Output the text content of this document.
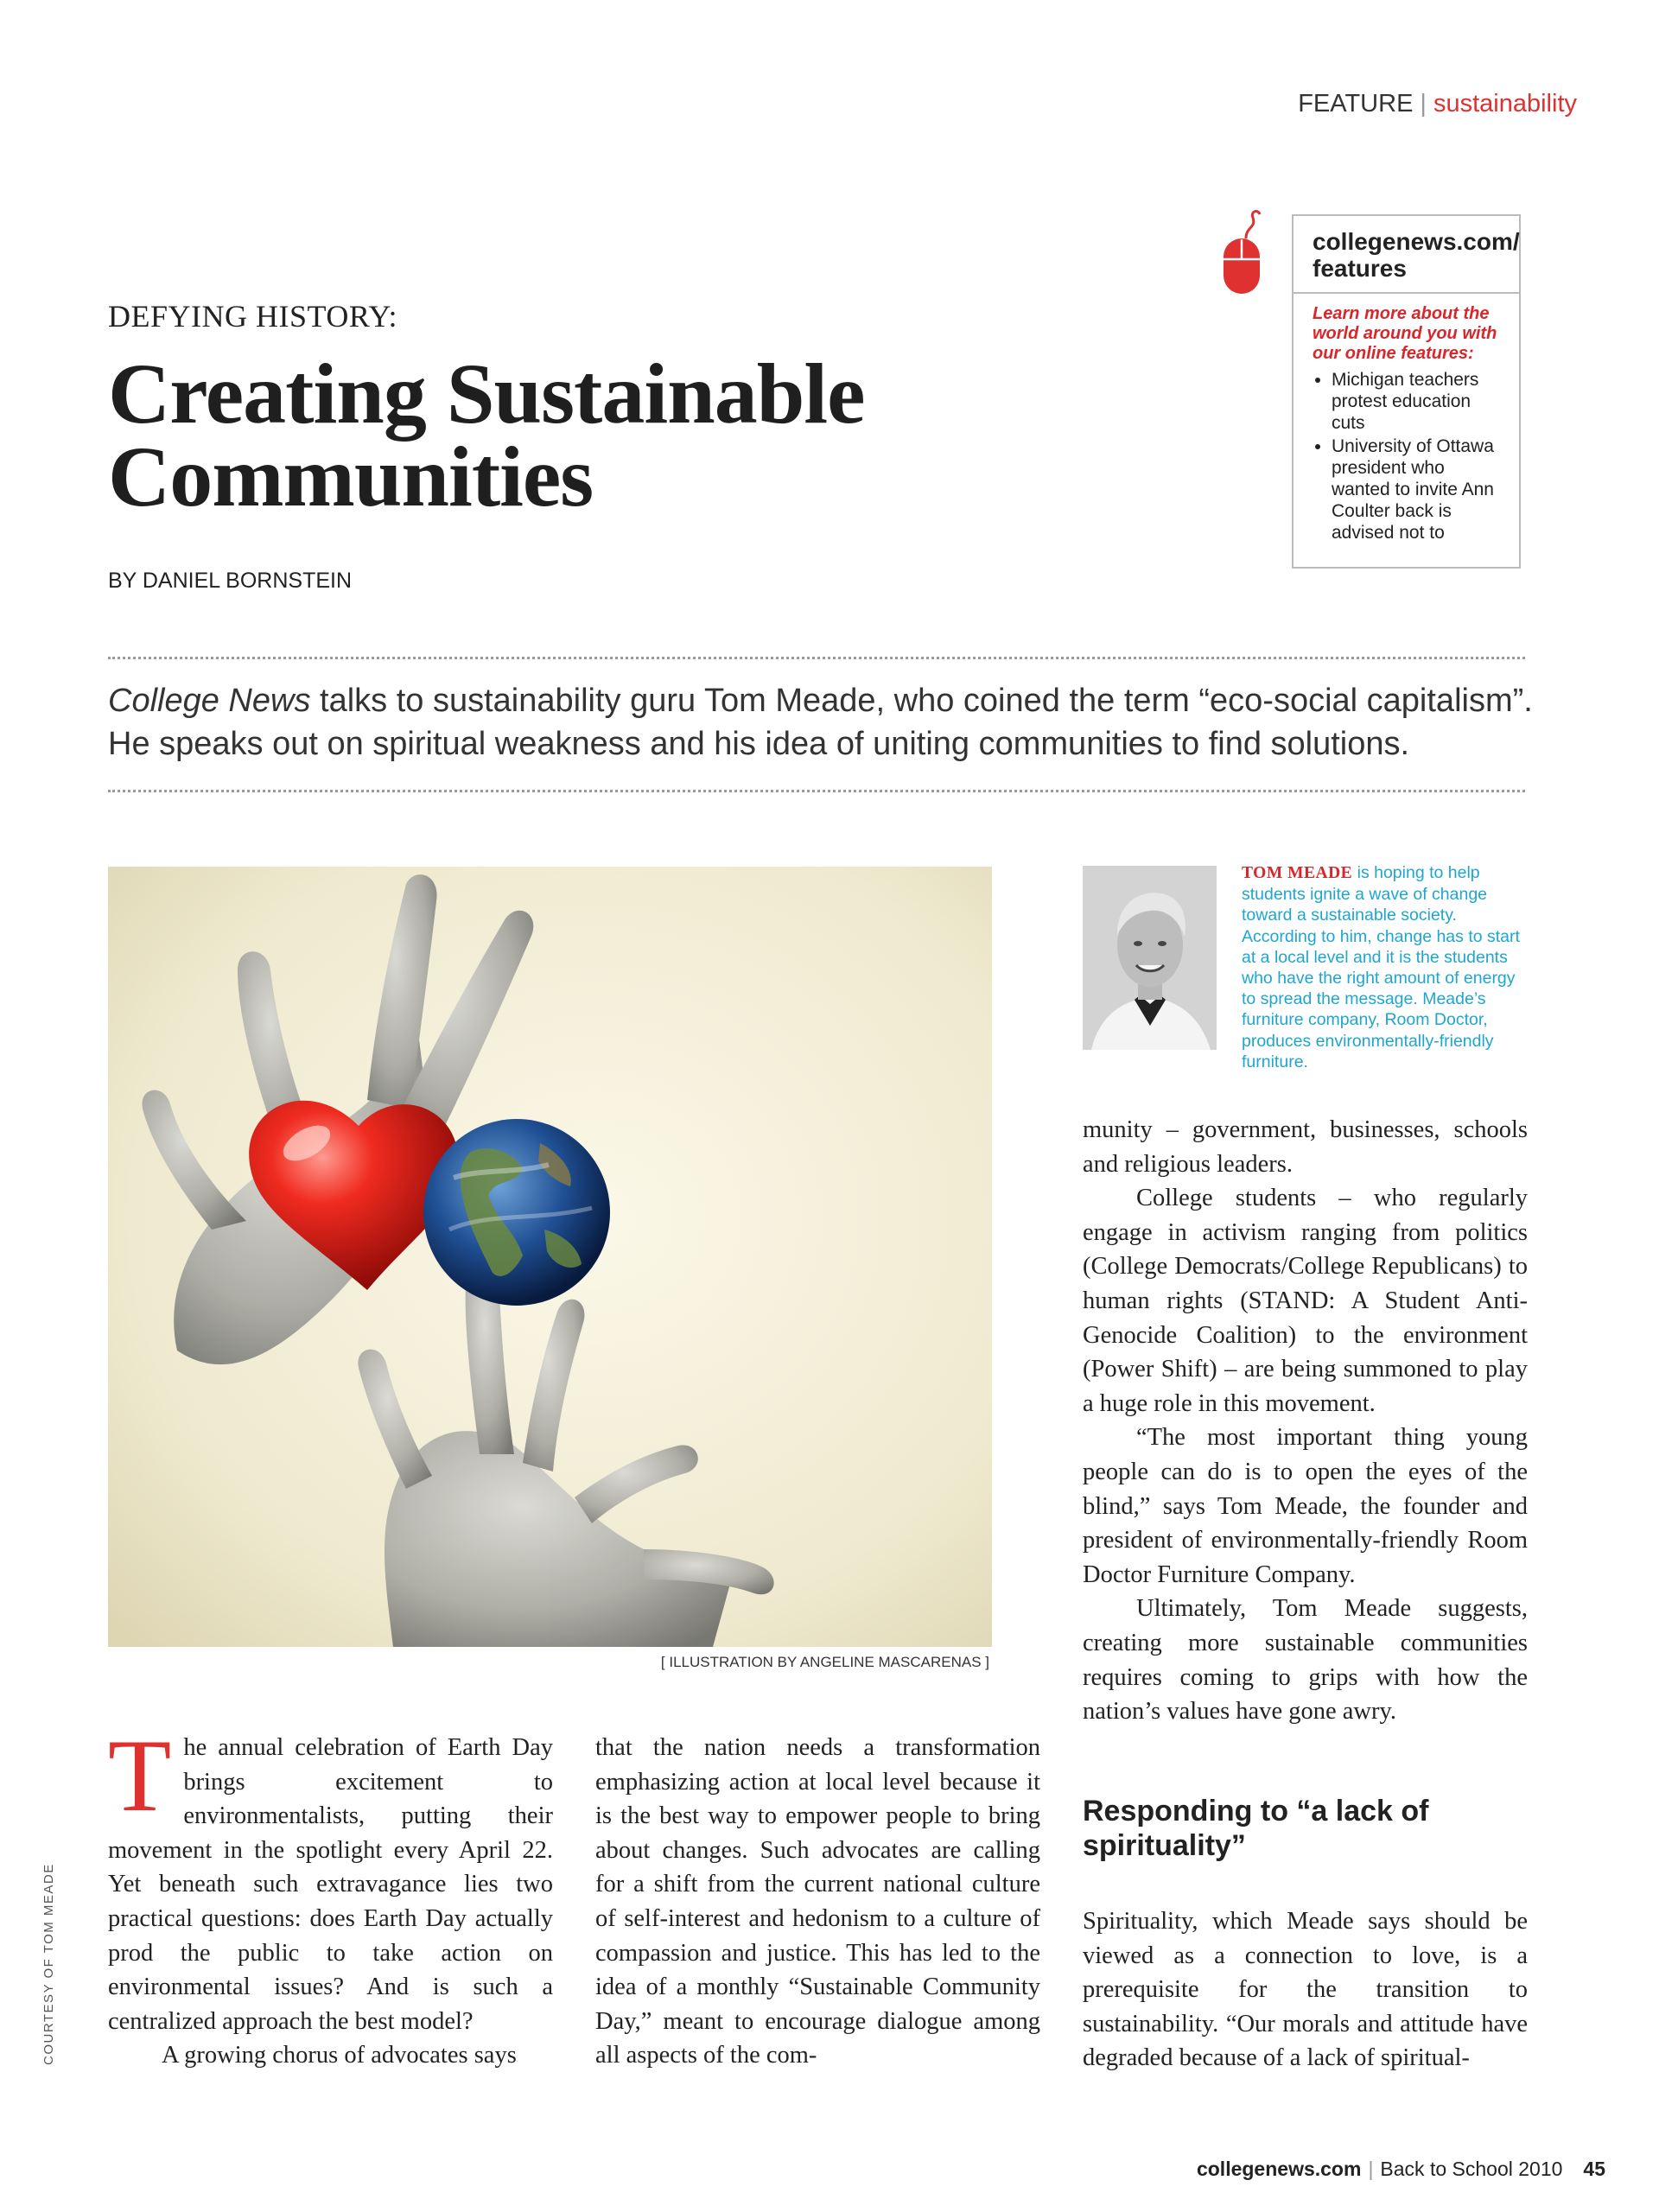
FEATURE | sustainability
collegenews.com/ features
Learn more about the world around you with our online features:
• Michigan teachers protest education cuts
• University of Ottawa president who wanted to invite Ann Coulter back is advised not to
DEFYING HISTORY:
Creating Sustainable Communities
BY DANIEL BORNSTEIN
College News talks to sustainability guru Tom Meade, who coined the term “eco-social capitalism”. He speaks out on spiritual weakness and his idea of uniting communities to find solutions.
[ ILLUSTRATION BY ANGELINE MASCARENAS ]
COURTESY OF TOM MEADE
TOM MEADE is hoping to help students ignite a wave of change toward a sustainable society. According to him, change has to start at a local level and it is the students who have the right amount of energy to spread the message. Meade’s furniture company, Room Doctor, produces environmentally-friendly furniture.
T he annual celebration of Earth Day brings excitement to environmentalists, putting their movement in the spotlight every April 22. Yet beneath such extravagance lies two practical questions: does Earth Day actually prod the public to take action on environmental issues? And is such a centralized approach the best model?

A growing chorus of advocates says

that the nation needs a transformation emphasizing action at local level because it is the best way to empower people to bring about changes. Such advocates are calling for a shift from the current national culture of self-interest and hedonism to a culture of compassion and justice. This has led to the idea of a monthly “Sustainable Community Day,” meant to encourage dialogue among all aspects of the com-

munity – government, businesses, schools and religious leaders.

College students – who regularly engage in activism ranging from politics (College Democrats/College Republicans) to human rights (STAND: A Student Anti-Genocide Coalition) to the environment (Power Shift) – are being summoned to play a huge role in this movement.

“The most important thing young people can do is to open the eyes of the blind,” says Tom Meade, the founder and president of environmentally-friendly Room Doctor Furniture Company.

Ultimately, Tom Meade suggests, creating more sustainable communities requires coming to grips with how the nation’s values have gone awry.

Responding to “a lack of spirituality”

Spirituality, which Meade says should be viewed as a connection to love, is a prerequisite for the transition to sustainability. “Our morals and attitude have degraded because of a lack of spiritual-

collegenews.com | Back to School 2010 45
